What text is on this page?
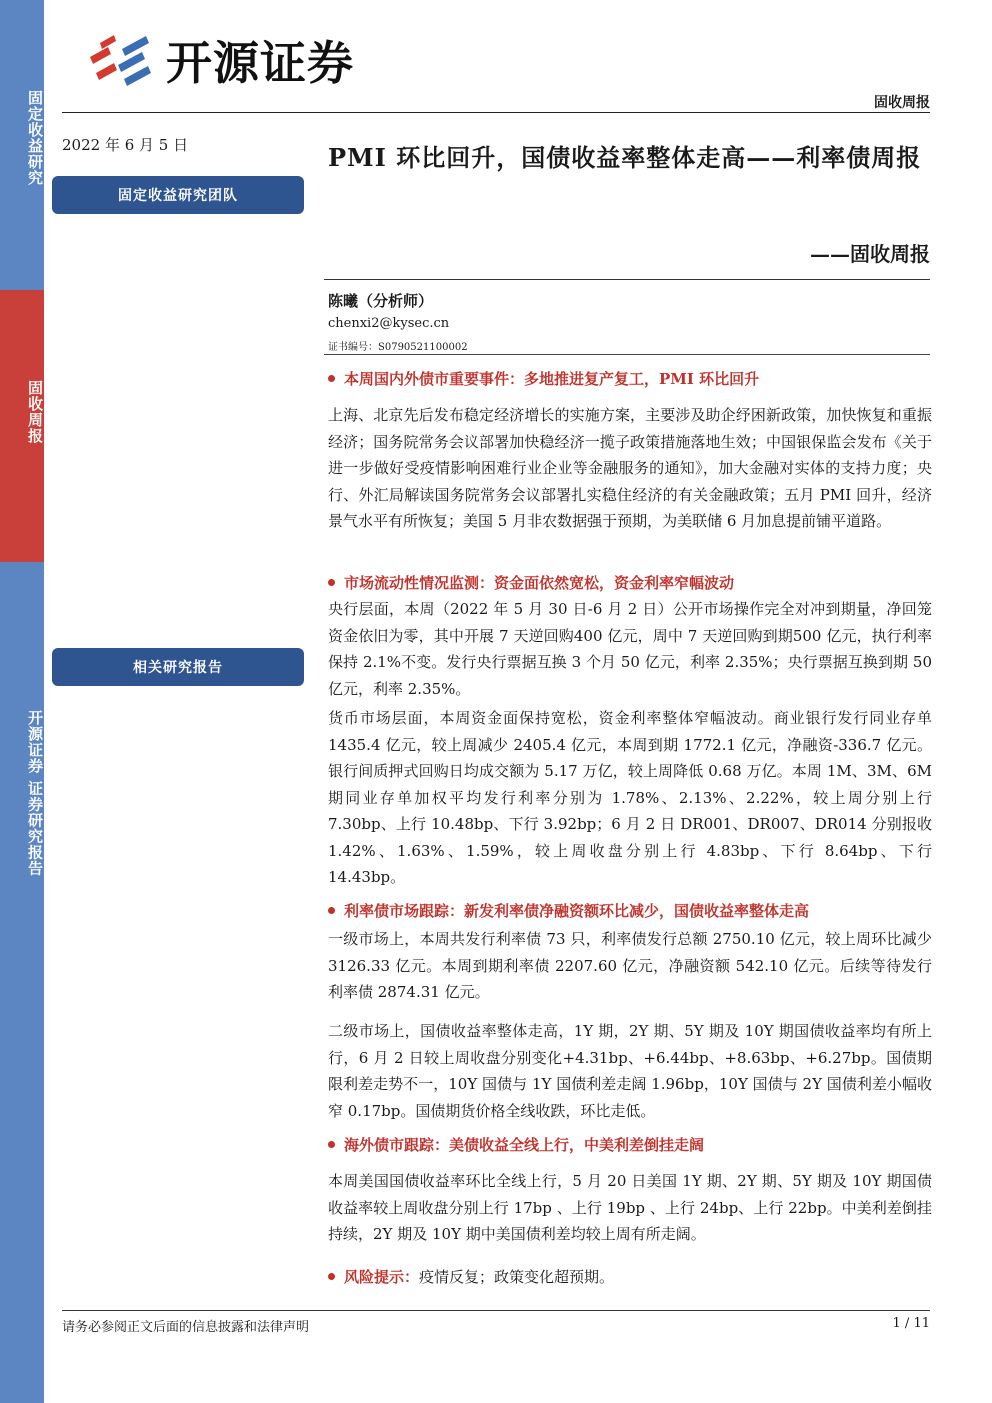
固定收益研究
固收周报
开源证券 证券研究报告
开源证券
固收周报
2022 年 6 月 5 日
固定收益研究团队
相关研究报告
PMI 环比回升，国债收益率整体走高——利率债周报
——固收周报
陈曦（分析师）
chenxi2@kysec.cn
证书编号：S0790521100002
本周国内外债市重要事件：多地推进复产复工，PMI 环比回升
上海、北京先后发布稳定经济增长的实施方案，主要涉及助企纾困新政策，加快恢复和重振经济；国务院常务会议部署加快稳经济一揽子政策措施落地生效；中国银保监会发布《关于进一步做好受疫情影响困难行业企业等金融服务的通知》，加大金融对实体的支持力度；央行、外汇局解读国务院常务会议部署扎实稳住经济的有关金融政策；五月 PMI 回升，经济景气水平有所恢复；美国 5 月非农数据强于预期，为美联储 6 月加息提前铺平道路。
市场流动性情况监测：资金面依然宽松，资金利率窄幅波动
央行层面，本周（2022 年 5 月 30 日-6 月 2 日）公开市场操作完全对冲到期量，净回笼资金依旧为零，其中开展 7 天逆回购400 亿元，周中 7 天逆回购到期500 亿元，执行利率保持 2.1%不变。发行央行票据互换 3 个月 50 亿元，利率 2.35%；央行票据互换到期 50 亿元，利率 2.35%。
货币市场层面，本周资金面保持宽松，资金利率整体窄幅波动。商业银行发行同业存单 1435.4 亿元，较上周减少 2405.4 亿元，本周到期 1772.1 亿元，净融资-336.7 亿元。银行间质押式回购日均成交额为 5.17 万亿，较上周降低 0.68 万亿。本周 1M、3M、6M 期同业存单加权平均发行利率分别为 1.78%、2.13%、2.22%，较上周分别上行 7.30bp、上行 10.48bp、下行 3.92bp；6 月 2 日 DR001、DR007、DR014 分别报收 1.42%、1.63%、1.59%，较上周收盘分别上行 4.83bp、下行 8.64bp、下行 14.43bp。
利率债市场跟踪：新发利率债净融资额环比减少，国债收益率整体走高
一级市场上，本周共发行利率债 73 只，利率债发行总额 2750.10 亿元，较上周环比减少 3126.33 亿元。本周到期利率债 2207.60 亿元，净融资额 542.10 亿元。后续等待发行利率债 2874.31 亿元。
二级市场上，国债收益率整体走高，1Y 期，2Y 期、5Y 期及 10Y 期国债收益率均有所上行，6 月 2 日较上周收盘分别变化+4.31bp、+6.44bp、+8.63bp、+6.27bp。国债期限利差走势不一，10Y 国债与 1Y 国债利差走阔 1.96bp，10Y 国债与 2Y 国债利差小幅收窄 0.17bp。国债期货价格全线收跌，环比走低。
海外债市跟踪：美债收益全线上行，中美利差倒挂走阔
本周美国国债收益率环比全线上行，5 月 20 日美国 1Y 期、2Y 期、5Y 期及 10Y 期国债收益率较上周收盘分别上行 17bp 、上行 19bp 、上行 24bp、上行 22bp。中美利差倒挂持续，2Y 期及 10Y 期中美国债利差均较上周有所走阔。
风险提示： 疫情反复；政策变化超预期。
请务必参阅正文后面的信息披露和法律声明	1 / 11
